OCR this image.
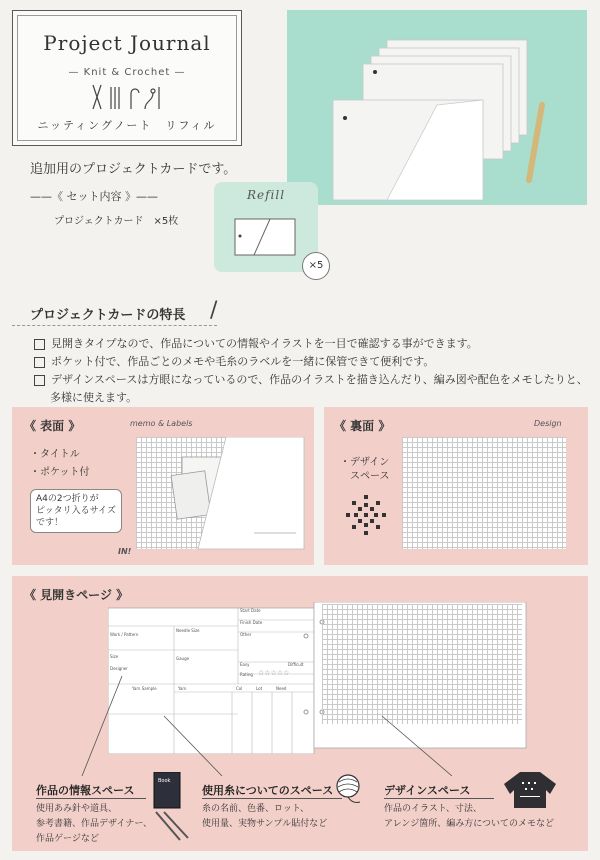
Project Journal
— Knit & Crochet —
ニッティングノート　リフィル
追加用のプロジェクトカードです。
——《 セット内容 》——
プロジェクトカード　×5枚
Refill
×5
プロジェクトカードの特長 /
見開きタイプなので、作品についての情報やイラストを一目で確認する事ができます。
ポケット付で、作品ごとのメモや毛糸のラベルを一緒に保管できて便利です。
デザインスペースは方眼になっているので、作品のイラストを描き込んだり、編み図や配色をメモしたりと、
多様に使えます。
《 表面 》
・タイトル
・ポケット付
A4の2つ折りが
ピッタリ入るサイズ
です！
memo & Labels
IN!
《 裏面 》
・デザイン
　スペース
Design
《 見開きページ 》
Work / Pattern
Needle Size
Size	Gauge
Designer
Yarn Sample
Start Date
Finish Date
Other
Difficult
Rating
Easy
Yarn	Col	Lot	Need
☆☆☆☆☆
作品の情報スペース
使用あみ針や道具、
参考書籍、作品デザイナー、
作品ゲージなど
Book
使用糸についてのスペース
糸の名前、色番、ロット、
使用量、実物サンプル貼付など
デザインスペース
作品のイラスト、寸法、
アレンジ箇所、編み方についてのメモなど
